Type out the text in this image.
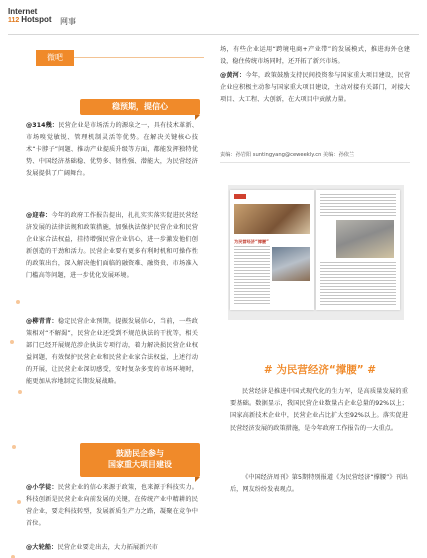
Internet
112 Hotspot 网事
微吧
稳预期，提信心
@314幾：民营企业是市场活力的源泉之一，具有技术革新、市场嗅觉敏锐、管理机制灵活等优势。在解决关键核心技术“卡脖子”问题、推动产业提质升级等方面，都能发挥独特优势、中国经济基础稳、优势多、韧性强、潜能大，为民营经济发展提供了广阔舞台。
@迎春：今年的政府工作报告提出，扎扎实实落实促进民营经济发展的法律法规和政策措施，加强执法保护民营企业和民营企业家合法权益，挂持增强民营企业信心，进一步激发他们创新创造的干劲和活力。民营企业要有更多有利时机和可操作性的政策出台，深入解决他们面临的融资难、融资贵、市场准入门槛高等问题，进一步优化发展环境。
@柳青青：稳定民营企业预期，提振发展信心，当前，一些政策相对“不解渴”，民营企业还受到不规范执法的干扰等，相关部门已经开展规范涉企执法专项行动，着力解决损民营企业权益问题，有效保护民营企业和民营企业家合法权益，上述行动的开展，让民营企业深切感受，安时复杂多变的市场环境时，能更加从容地制定长期发展战略。
鼓励民企参与
国家重大项目建设
@小学徒：民营企业的信心来源于政策，也来源于科技实力。科技创新是民营企业向前发展的关键，在传统产业中精耕的民营企业，要走科技转型，发展新质生产力之路，凝聚在竞争中首位。
@大轮船：民营企业要走出去，大力拓展新兴市
场，有些企业运用“跨境电商+产业带”的发展模式，推进海外仓建设，稳住传统市场同时，还开拓了新兴市场。
@黄河：今年，政策鼓励支持民间投资参与国家重大项目建设，民营企业应积极主动参与国家重大项目建设，主动对接有关部门，对接大项目、大工程、大创新，在大项目中贡献力量。
责编：孙岩阳 suntingyang@ceweekly.cn 美编：孙依兰
为民营经济“撑腰”
# 为民营经济“撑腰” #
民营经济是推进中国式现代化的生力军，是高质量发展的重要基础。数据显示，我国民营企业数量占企业总量的92%以上；国家高新技术企业中，民营企业占比扩大至92%以上。落实促进民营经济发展的政策措施，是今年政府工作报告的一大重点。
《中国经济周刊》第5期特别报道《为民营经济“撑腰”》刊出后，网友纷纷发表观点。
